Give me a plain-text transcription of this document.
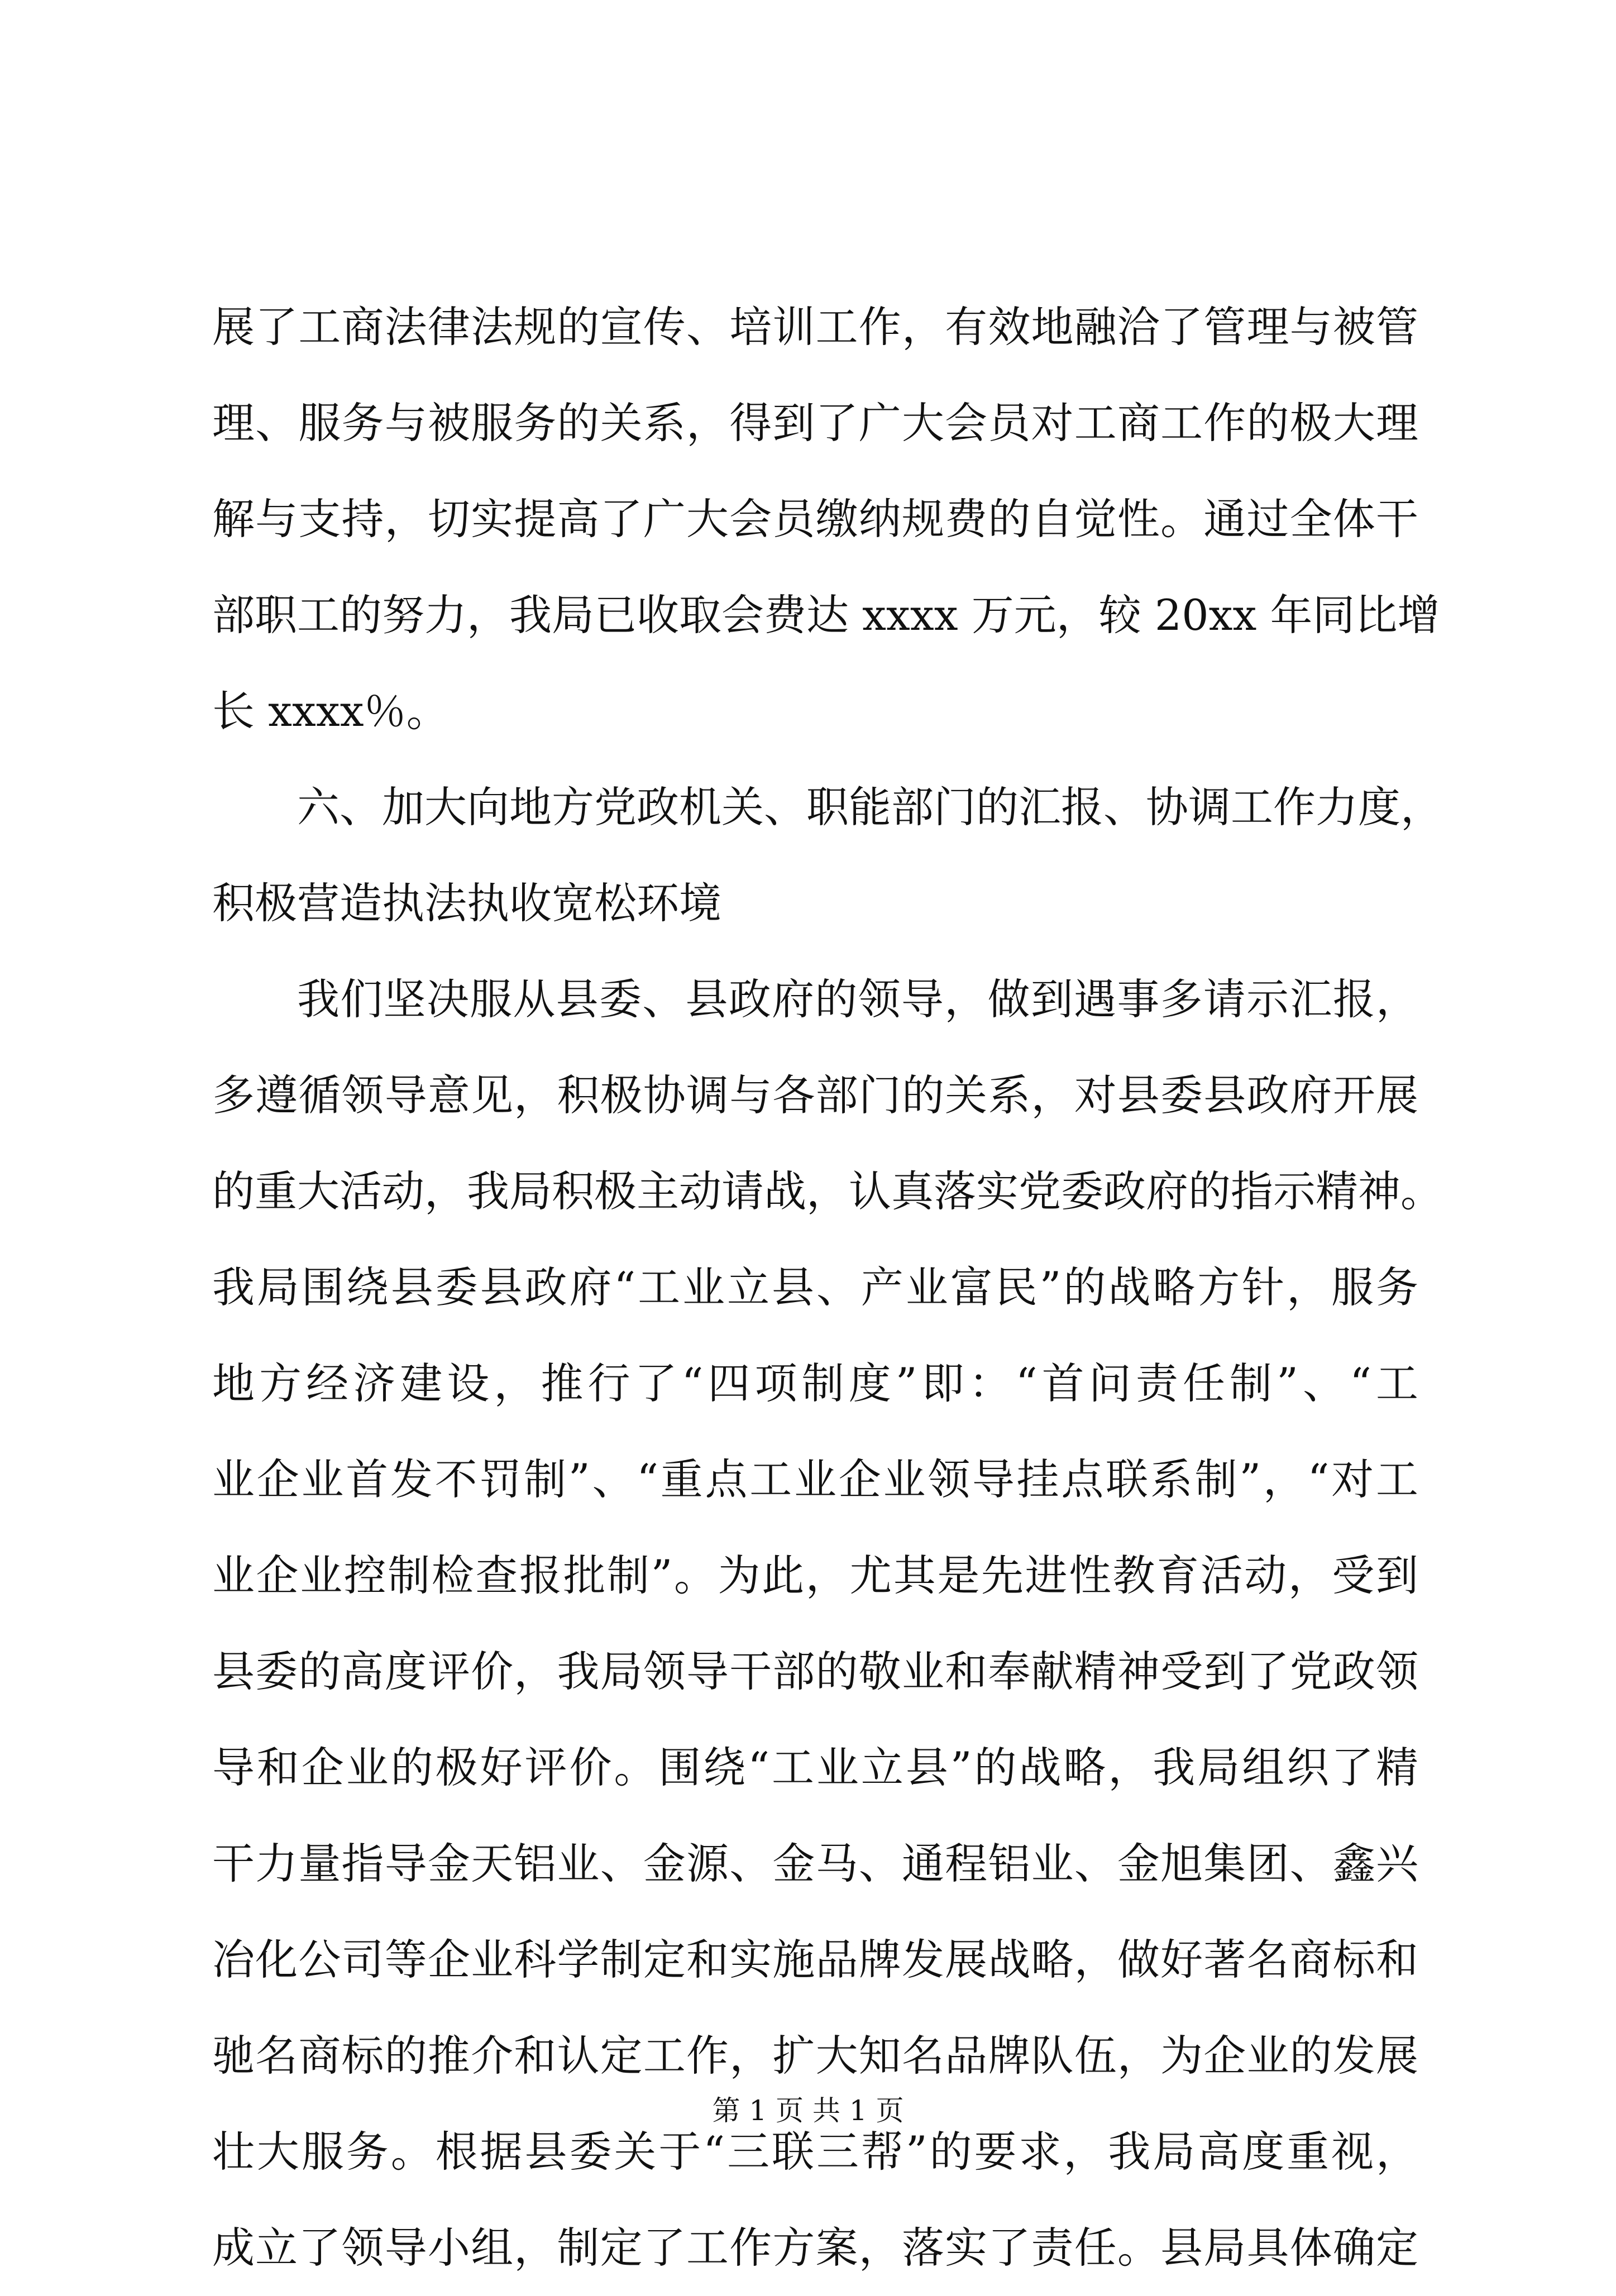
展了工商法律法规的宣传、培训工作，有效地融洽了管理与被管
理、服务与被服务的关系，得到了广大会员对工商工作的极大理
解与支持，切实提高了广大会员缴纳规费的自觉性。通过全体干
部职工的努力，我局已收取会费达 xxxx 万元，较 20xx 年同比增
长 xxxx％。
六、加大向地方党政机关、职能部门的汇报、协调工作力度，
积极营造执法执收宽松环境
我们坚决服从县委、县政府的领导，做到遇事多请示汇报，
多遵循领导意见，积极协调与各部门的关系，对县委县政府开展
的重大活动，我局积极主动请战，认真落实党委政府的指示精神。
我局围绕县委县政府“工业立县、产业富民”的战略方针，服务
地方经济建设，推行了“四项制度”即：“首问责任制”、“工
业企业首发不罚制”、“重点工业企业领导挂点联系制”，“对工
业企业控制检查报批制”。为此，尤其是先进性教育活动，受到
县委的高度评价，我局领导干部的敬业和奉献精神受到了党政领
导和企业的极好评价。围绕“工业立县”的战略，我局组织了精
干力量指导金天铝业、金源、金马、通程铝业、金旭集团、鑫兴
冶化公司等企业科学制定和实施品牌发展战略，做好著名商标和
驰名商标的推介和认定工作，扩大知名品牌队伍，为企业的发展
壮大服务。根据县委关于“三联三帮”的要求，我局高度重视，
成立了领导小组，制定了工作方案，落实了责任。县局具体确定
第 1 页 共 1 页
